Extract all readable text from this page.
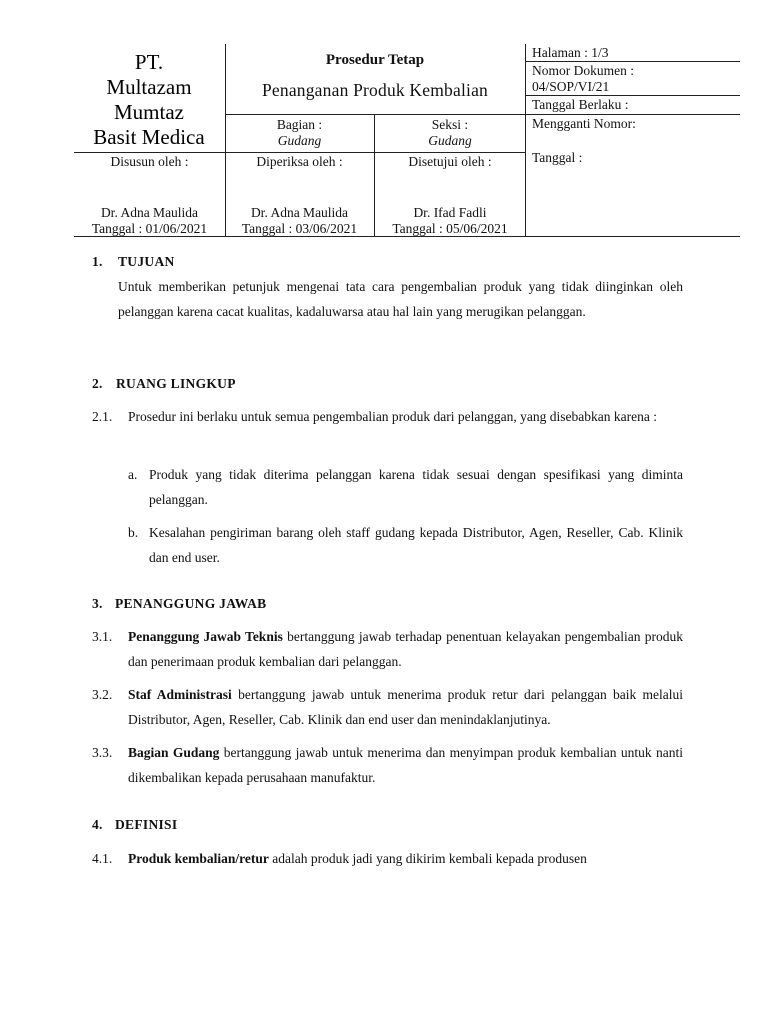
PT.
Multazam
Mumtaz
Basit Medica
Prosedur Tetap
Penanganan Produk Kembalian
Bagian :
Gudang
Seksi :
Gudang
Disusun oleh :	Diperiksa oleh :	Disetujui oleh :
Dr. Adna Maulida
Tanggal : 01/06/2021
Dr. Adna Maulida
Tanggal : 03/06/2021
Dr. Ifad Fadli
Tanggal : 05/06/2021
Halaman : 1/3
Nomor Dokumen :
04/SOP/VI/21
Tanggal Berlaku :
Mengganti Nomor:
Tanggal :
1. TUJUAN
Untuk memberikan petunjuk mengenai tata cara pengembalian produk yang tidak diinginkan oleh pelanggan karena cacat kualitas, kadaluwarsa atau hal lain yang merugikan pelanggan.
2. RUANG LINGKUP
2.1. Prosedur ini berlaku untuk semua pengembalian produk dari pelanggan, yang disebabkan karena :
a. Produk yang tidak diterima pelanggan karena tidak sesuai dengan spesifikasi yang diminta pelanggan.
b. Kesalahan pengiriman barang oleh staff gudang kepada Distributor, Agen, Reseller, Cab. Klinik dan end user.
3. PENANGGUNG JAWAB
3.1. Penanggung Jawab Teknis bertanggung jawab terhadap penentuan kelayakan pengembalian produk dan penerimaan produk kembalian dari pelanggan.
3.2. Staf Administrasi bertanggung jawab untuk menerima produk retur dari pelanggan baik melalui Distributor, Agen, Reseller, Cab. Klinik dan end user dan menindaklanjutinya.
3.3. Bagian Gudang bertanggung jawab untuk menerima dan menyimpan produk kembalian untuk nanti dikembalikan kepada perusahaan manufaktur.
4. DEFINISI
4.1. Produk kembalian/retur adalah produk jadi yang dikirim kembali kepada produsen
